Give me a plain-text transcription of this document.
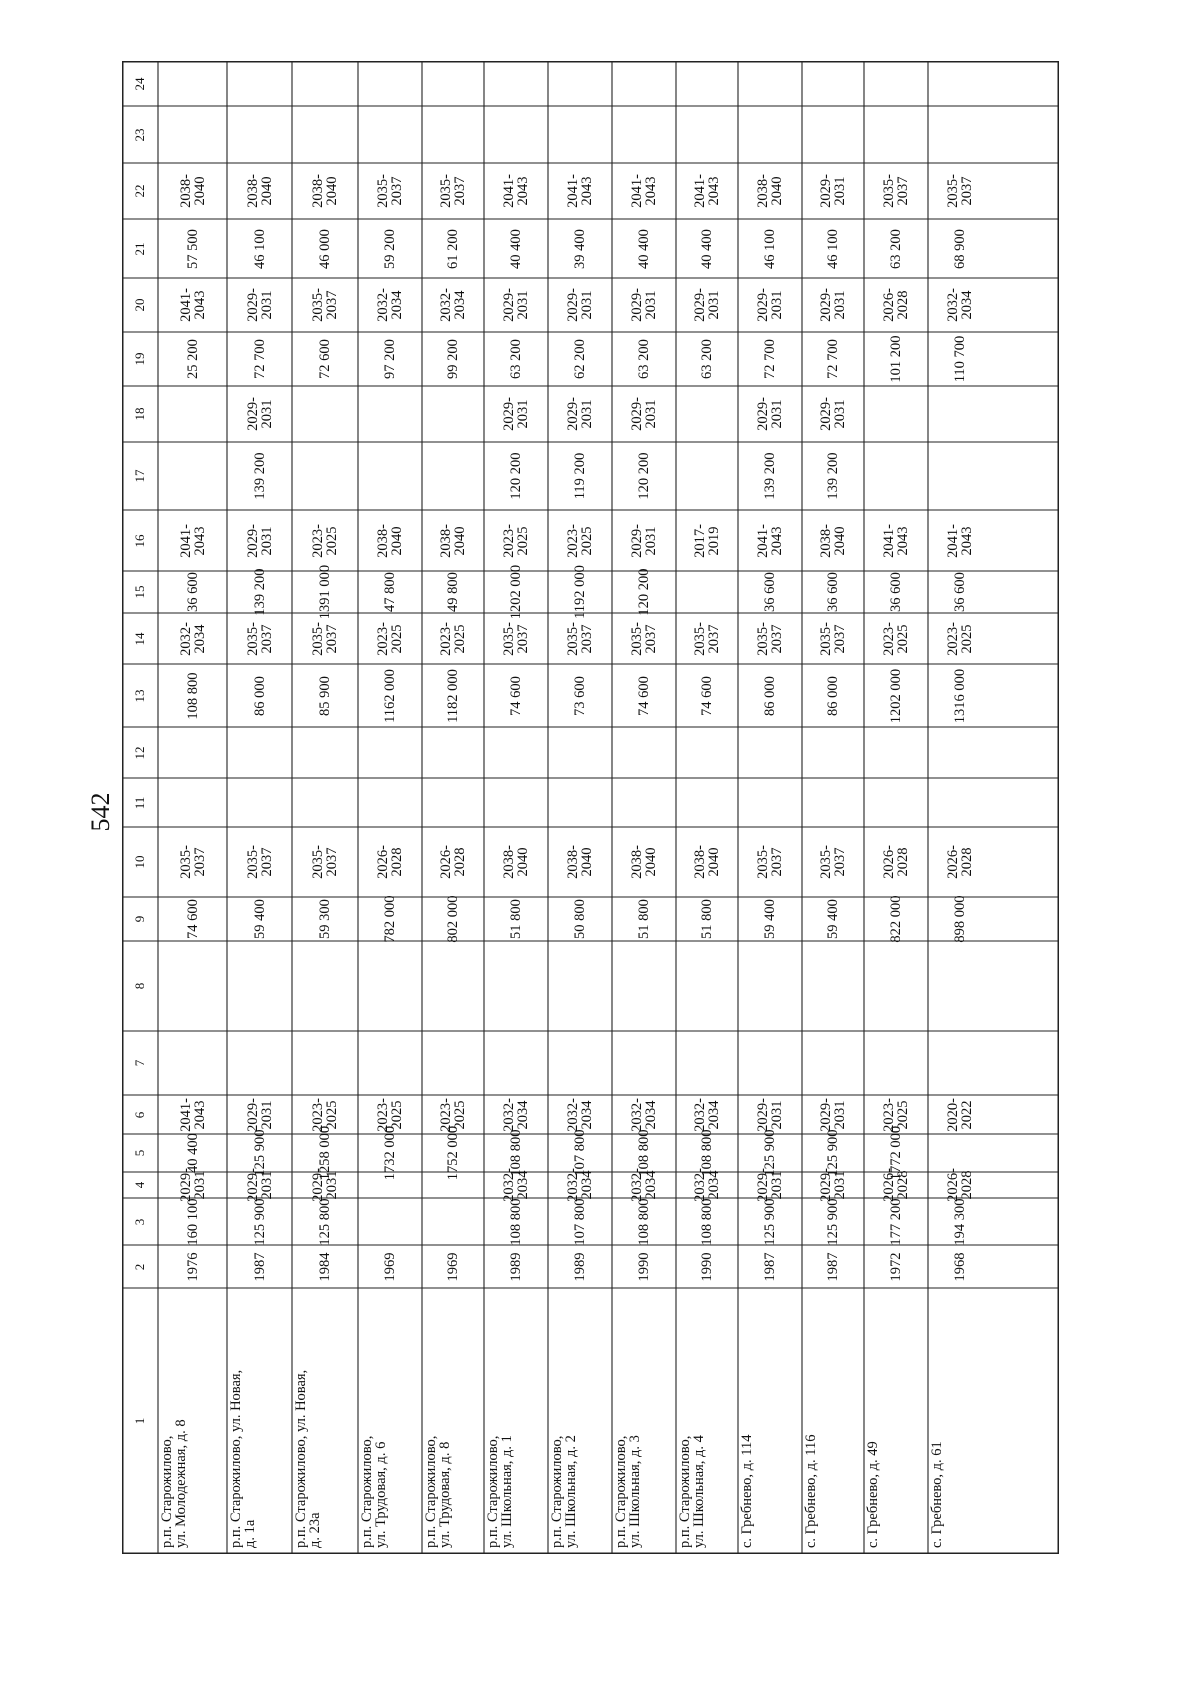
542
1
2
3
4
5
6
7
8
9
10
11
12
13
14
15
16
17
18
19
20
21
22
23
24
р.п. Старожилово,
ул. Молодежная, д. 8
1976
160 100
2029-
2031
40 400
2041-
2043
74 600
2035-
2037
108 800
2032-
2034
36 600
2041-
2043
25 200
2041-
2043
57 500
2038-
2040
р.п. Старожилово, ул. Новая,
д. 1а
1987
125 900
2029-
2031
125 900
2029-
2031
59 400
2035-
2037
86 000
2035-
2037
139 200
2029-
2031
139 200
2029-
2031
72 700
2029-
2031
46 100
2038-
2040
р.п. Старожилово, ул. Новая,
д. 23а
1984
125 800
2029-
2031
1258 000
2023-
2025
59 300
2035-
2037
85 900
2035-
2037
1391 000
2023-
2025
72 600
2035-
2037
46 000
2038-
2040
р.п. Старожилово,
ул. Трудовая, д. 6
1969
1732 000
2023-
2025
782 000
2026-
2028
1162 000
2023-
2025
47 800
2038-
2040
97 200
2032-
2034
59 200
2035-
2037
р.п. Старожилово,
ул. Трудовая, д. 8
1969
1752 000
2023-
2025
802 000
2026-
2028
1182 000
2023-
2025
49 800
2038-
2040
99 200
2032-
2034
61 200
2035-
2037
р.п. Старожилово,
ул. Школьная, д. 1
1989
108 800
2032-
2034
108 800
2032-
2034
51 800
2038-
2040
74 600
2035-
2037
1202 000
2023-
2025
120 200
2029-
2031
63 200
2029-
2031
40 400
2041-
2043
р.п. Старожилово,
ул. Школьная, д. 2
1989
107 800
2032-
2034
107 800
2032-
2034
50 800
2038-
2040
73 600
2035-
2037
1192 000
2023-
2025
119 200
2029-
2031
62 200
2029-
2031
39 400
2041-
2043
р.п. Старожилово,
ул. Школьная, д. 3
1990
108 800
2032-
2034
108 800
2032-
2034
51 800
2038-
2040
74 600
2035-
2037
120 200
2029-
2031
120 200
2029-
2031
63 200
2029-
2031
40 400
2041-
2043
р.п. Старожилово,
ул. Школьная, д. 4
1990
108 800
2032-
2034
108 800
2032-
2034
51 800
2038-
2040
74 600
2035-
2037
2017-
2019
63 200
2029-
2031
40 400
2041-
2043
с. Гребнево, д. 114
1987
125 900
2029-
2031
125 900
2029-
2031
59 400
2035-
2037
86 000
2035-
2037
36 600
2041-
2043
139 200
2029-
2031
72 700
2029-
2031
46 100
2038-
2040
с. Гребнево, д. 116
1987
125 900
2029-
2031
125 900
2029-
2031
59 400
2035-
2037
86 000
2035-
2037
36 600
2038-
2040
139 200
2029-
2031
72 700
2029-
2031
46 100
2029-
2031
с. Гребнево, д. 49
1972
177 200
2026-
2028
1772 000
2023-
2025
822 000
2026-
2028
1202 000
2023-
2025
36 600
2041-
2043
101 200
2026-
2028
63 200
2035-
2037
с. Гребнево, д. 61
1968
194 300
2026-
2028
2020-
2022
898 000
2026-
2028
1316 000
2023-
2025
36 600
2041-
2043
110 700
2032-
2034
68 900
2035-
2037
